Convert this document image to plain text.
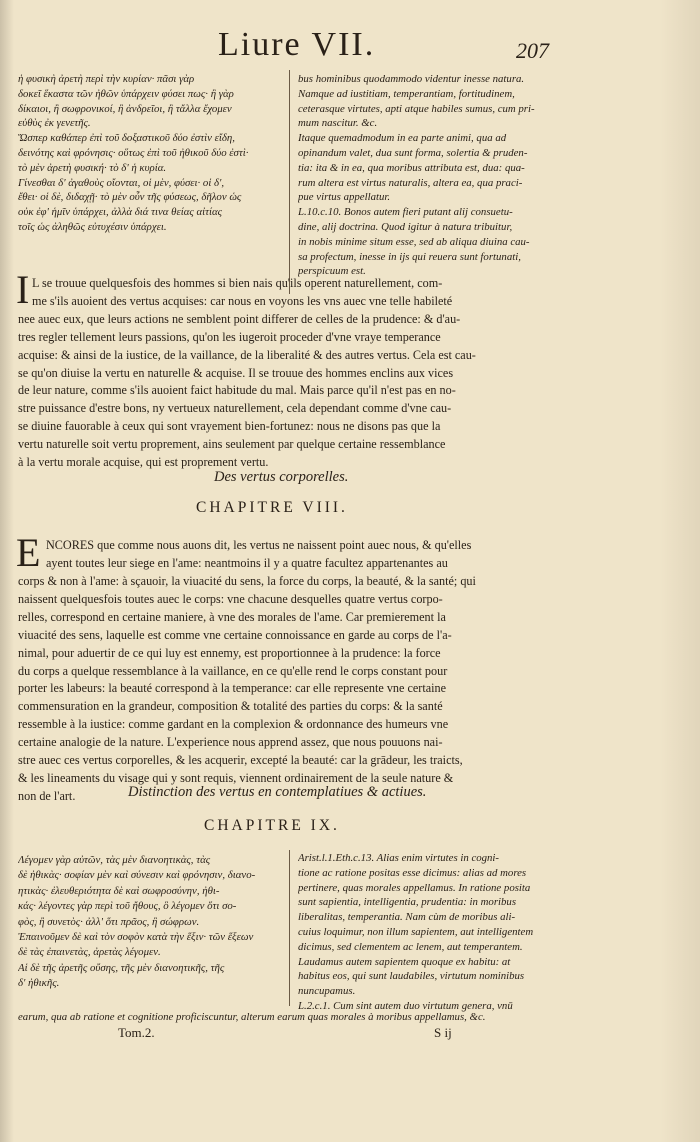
Liure VII.	207
ἡ φυσικὴ ἀρετὴ περὶ τὴν κυρίαν· πᾶσι γὰρ
δοκεῖ ἕκαστα τῶν ἠθῶν ὑπάρχειν φύσει πως· ἢ γὰρ
δίκαιοι, ἢ σωφρονικοί, ἢ ἀνδρεῖοι, ἢ τἄλλα ἔχομεν
εὐθὺς ἐκ γενετῆς.
Ὥσπερ καθάπερ ἐπὶ τοῦ δοξαστικοῦ δύο ἐστὶν εἴδη,
δεινότης καὶ φρόνησις· οὕτως ἐπὶ τοῦ ἠθικοῦ δύο ἐστὶ·
τὸ μὲν ἀρετὴ φυσική· τὸ δ' ἡ κυρία.
Γίνεσθαι δ' ἀγαθοὺς οἴονται, οἱ μὲν, φύσει· οἱ δ',
ἔθει· οἱ δὲ, διδαχῇ· τὸ μὲν οὖν τῆς φύσεως, δῆλον ὡς
οὐκ ἐφ' ἡμῖν ὑπάρχει, ἀλλὰ διά τινα θείας αἰτίας
τοῖς ὡς ἀληθῶς εὐτυχέσιν ὑπάρχει.
bus hominibus quodammodo videntur inesse natura.
Namque ad iustitiam, temperantiam, fortitudinem,
ceterasque virtutes, apti atque habiles sumus, cum pri-
mum nascitur. &c.
Itaque quemadmodum in ea parte animi, qua ad
opinandum valet, dua sunt forma, solertia & pruden-
tia: ita & in ea, qua moribus attributa est, dua: qua-
rum altera est virtus naturalis, altera ea, qua praci-
pue virtus appellatur.
L.10.c.10. Bonos autem fieri putant alij consuetu-
dine, alij doctrina. Quod igitur à natura tribuitur,
in nobis minime situm esse, sed ab aliqua diuina cau-
sa profectum, inesse in ijs qui reuera sunt fortunati,
perspicuum est.
I L se trouue quelquesfois des hommes si bien nais qu'ils operent naturellement, com-
me s'ils auoient des vertus acquises: car nous en voyons les vns auec vne telle habileté
nee auec eux, que leurs actions ne semblent point differer de celles de la prudence: & d'au-
tres regler tellement leurs passions, qu'on les iugeroit proceder d'vne vraye temperance
acquise: & ainsi de la iustice, de la vaillance, de la liberalité & des autres vertus. Cela est cau-
se qu'on diuise la vertu en naturelle & acquise. Il se trouue des hommes enclins aux vices
de leur nature, comme s'ils auoient faict habitude du mal. Mais parce qu'il n'est pas en no-
stre puissance d'estre bons, ny vertueux naturellement, cela dependant comme d'vne cau-
se diuine fauorable à ceux qui sont vrayement bien-fortunez: nous ne disons pas que la
vertu naturelle soit vertu proprement, ains seulement par quelque certaine ressemblance
à la vertu morale acquise, qui est proprement vertu.
Des vertus corporelles.
CHAPITRE VIII.
E NCORES que comme nous auons dit, les vertus ne naissent point auec nous, & qu'elles
ayent toutes leur siege en l'ame: neantmoins il y a quatre facultez appartenantes au
corps & non à l'ame: à sçauoir, la viuacité du sens, la force du corps, la beauté, & la santé; qui
naissent quelquesfois toutes auec le corps: vne chacune desquelles quatre vertus corpo-
relles, correspond en certaine maniere, à vne des morales de l'ame. Car premierement la
viuacité des sens, laquelle est comme vne certaine connoissance en garde au corps de l'a-
nimal, pour aduertir de ce qui luy est ennemy, est proportionnee à la prudence: la force
du corps a quelque ressemblance à la vaillance, en ce qu'elle rend le corps constant pour
porter les labeurs: la beauté correspond à la temperance: car elle represente vne certaine
commensuration en la grandeur, composition & totalité des parties du corps: & la santé
ressemble à la iustice: comme gardant en la complexion & ordonnance des humeurs vne
certaine analogie de la nature. L'experience nous apprend assez, que nous pouuons nai-
stre auec ces vertus corporelles, & les acquerir, excepté la beauté: car la grādeur, les traicts,
& les lineaments du visage qui y sont requis, viennent ordinairement de la seule nature &
non de l'art.	Distinction des vertus en contemplatiues & actiues.
CHAPITRE IX.
Λέγομεν γὰρ αὐτῶν, τὰς μὲν διανοητικὰς, τὰς
δὲ ἠθικὰς· σοφίαν μὲν καὶ σύνεσιν καὶ φρόνησιν, διανο-
ητικὰς· ἐλευθεριότητα δὲ καὶ σωφροσύνην, ἠθι-
κάς· λέγοντες γὰρ περὶ τοῦ ἤθους, ὃ λέγομεν ὅτι σο-
φὸς, ἢ συνετὸς· ἀλλ' ὅτι πρᾶος, ἢ σώφρων.
Ἐπαινοῦμεν δὲ καὶ τὸν σοφὸν κατὰ τὴν ἕξιν· τῶν ἕξεων
δὲ τὰς ἐπαινετὰς, ἀρετὰς λέγομεν.
Αἱ δὲ τῆς ἀρετῆς οὔσης, τῆς μὲν διανοητικῆς, τῆς
δ' ἠθικῆς.
Arist.l.1.Eth.c.13. Alias enim virtutes in cogni-
tione ac ratione positas esse dicimus: alias ad mores
pertinere, quas morales appellamus. In ratione posita
sunt sapientia, intelligentia, prudentia: in moribus
liberalitas, temperantia. Nam cùm de moribus ali-
cuius loquimur, non illum sapientem, aut intelligentem
dicimus, sed clementem ac lenem, aut temperantem.
Laudamus autem sapientem quoque ex habitu: at
habitus eos, qui sunt laudabiles, virtutum nominibus
nuncupamus.
L.2.c.1. Cum sint autem duo virtutum genera, vnū
earum, qua ab ratione et cognitione proficiscuntur, alterum earum quas morales à moribus appellamus, &c.
Tom.2.	S ij
